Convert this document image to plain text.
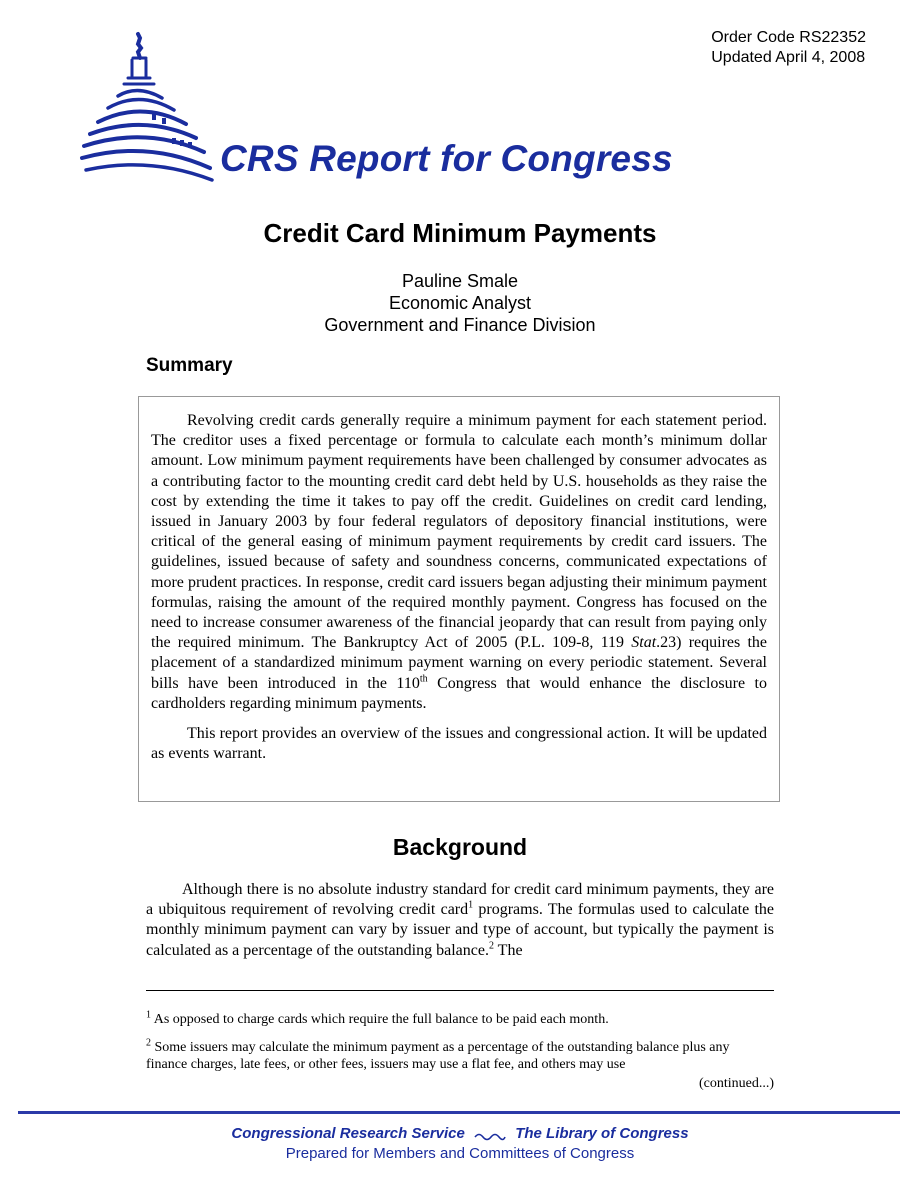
Order Code RS22352
Updated April 4, 2008
CRS Report for Congress
Credit Card Minimum Payments
Pauline Smale
Economic Analyst
Government and Finance Division
Summary

Revolving credit cards generally require a minimum payment for each statement period. The creditor uses a fixed percentage or formula to calculate each month’s minimum dollar amount. Low minimum payment requirements have been challenged by consumer advocates as a contributing factor to the mounting credit card debt held by U.S. households as they raise the cost by extending the time it takes to pay off the credit. Guidelines on credit card lending, issued in January 2003 by four federal regulators of depository financial institutions, were critical of the general easing of minimum payment requirements by credit card issuers. The guidelines, issued because of safety and soundness concerns, communicated expectations of more prudent practices. In response, credit card issuers began adjusting their minimum payment formulas, raising the amount of the required monthly payment. Congress has focused on the need to increase consumer awareness of the financial jeopardy that can result from paying only the required minimum. The Bankruptcy Act of 2005 (P.L. 109-8, 119 Stat.23) requires the placement of a standardized minimum payment warning on every periodic statement. Several bills have been introduced in the 110th Congress that would enhance the disclosure to cardholders regarding minimum payments.

This report provides an overview of the issues and congressional action. It will be updated as events warrant.

Background

Although there is no absolute industry standard for credit card minimum payments, they are a ubiquitous requirement of revolving credit card$^1$ programs. The formulas used to calculate the monthly minimum payment can vary by issuer and type of account, but typically the payment is calculated as a percentage of the outstanding balance.$^2$ The

$^1$ As opposed to charge cards which require the full balance to be paid each month.

$^2$ Some issuers may calculate the minimum payment as a percentage of the outstanding balance plus any finance charges, late fees, or other fees, issuers may use a flat fee, and others may use

(continued...)
Congressional Research Service	The Library of Congress
Prepared for Members and Committees of Congress
